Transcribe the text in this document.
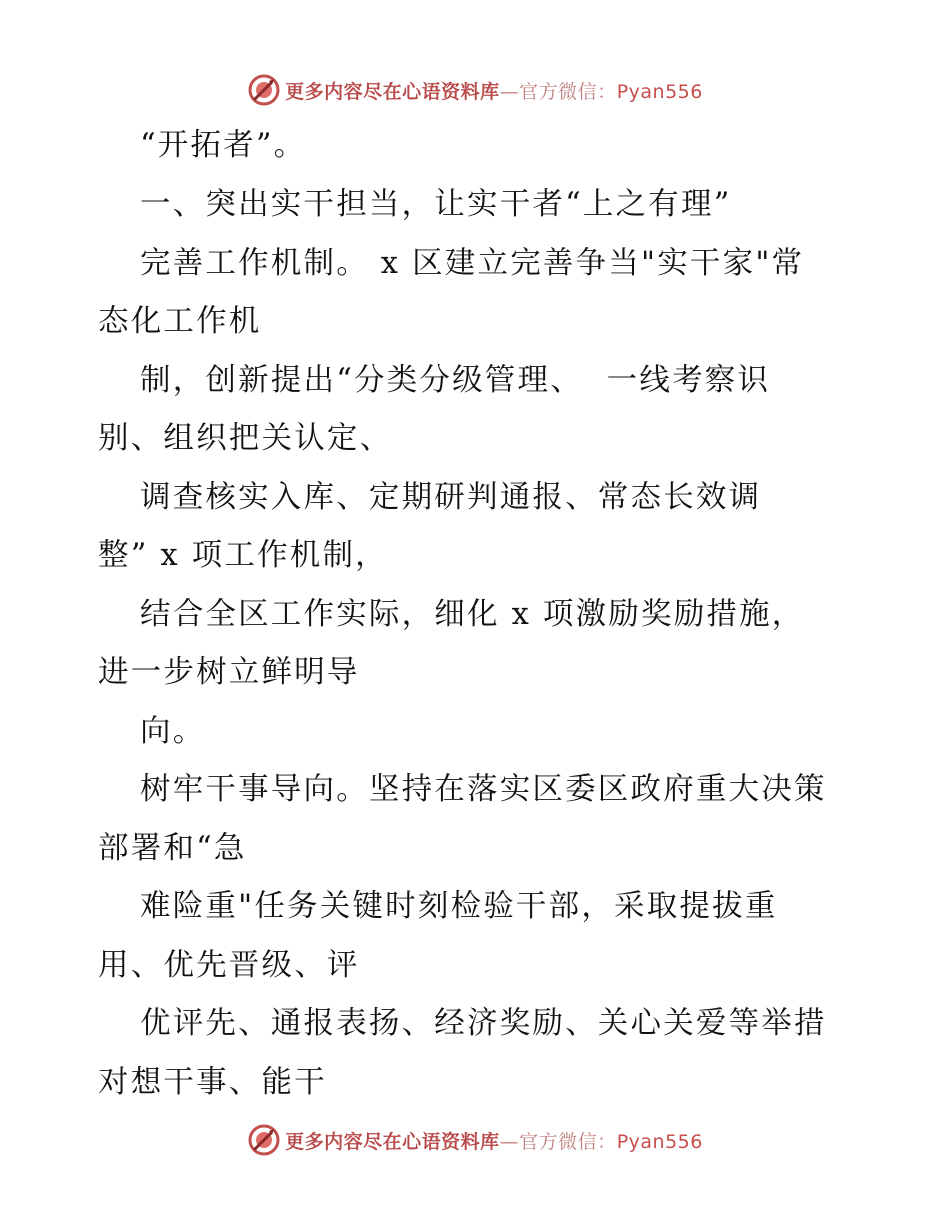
更多内容尽在心语资料库—官方微信：Pyan556
“开拓者”。
一、突出实干担当，让实干者“上之有理”
完善工作机制。 x 区建立完善争当"实干家"常
态化工作机
制，创新提出“分类分级管理、  一线考察识
别、组织把关认定、
调查核实入库、定期研判通报、常态长效调
整” x 项工作机制，
结合全区工作实际，细化 x 项激励奖励措施，
进一步树立鲜明导
向。
树牢干事导向。坚持在落实区委区政府重大决策
部署和“急
难险重"任务关键时刻检验干部，采取提拔重
用、优先晋级、评
优评先、通报表扬、经济奖励、关心关爱等举措
对想干事、能干
更多内容尽在心语资料库—官方微信：Pyan556
